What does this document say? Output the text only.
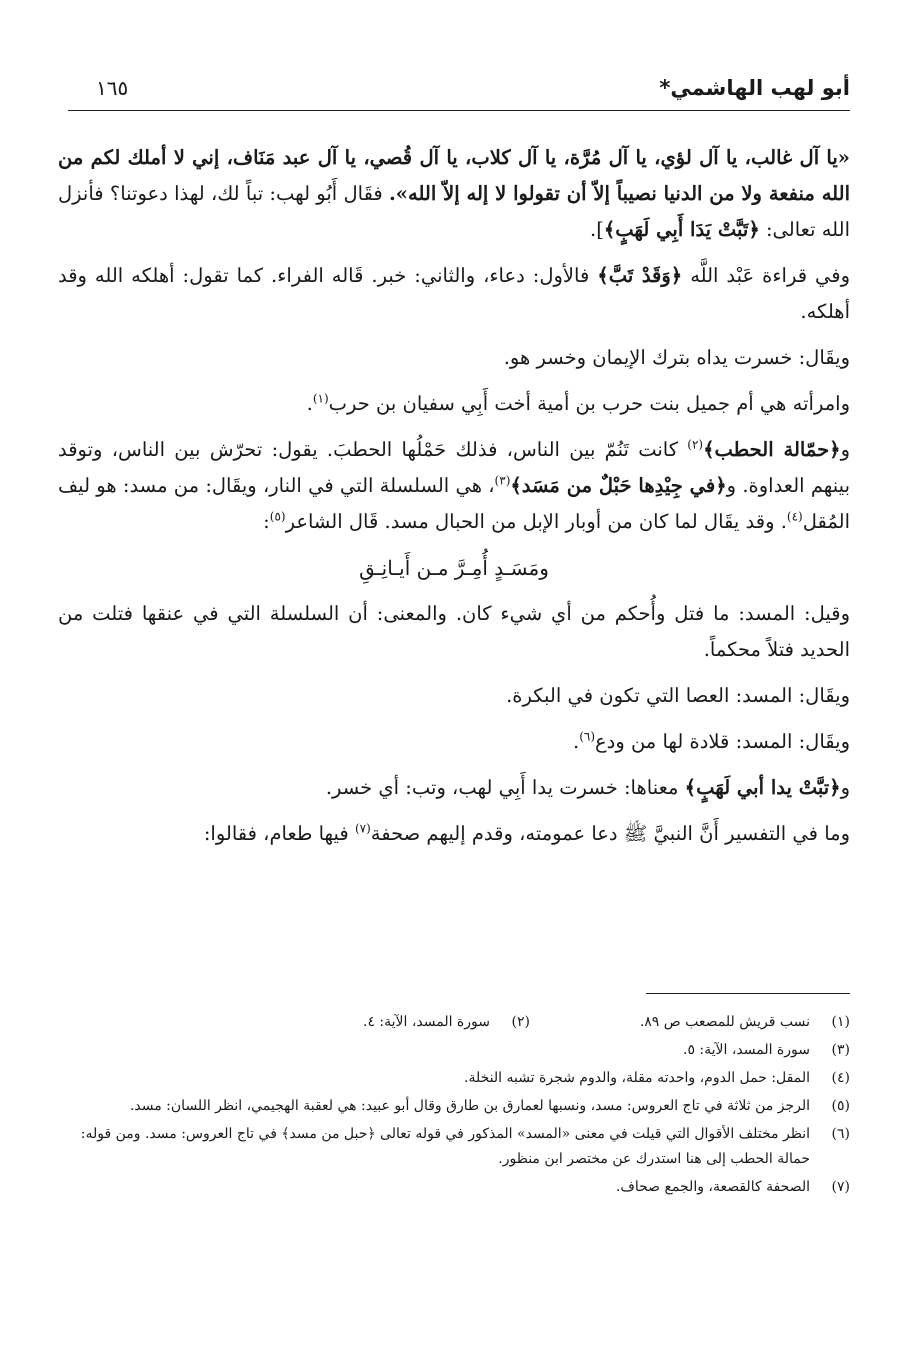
أبو لهب الهاشمي*
١٦٥

«يا آل غالب، يا آل لؤي، يا آل مُرَّة، يا آل كلاب، يا آل قُصي، يا آل عبد مَنَاف، إني لا أملك لكم من الله منفعة ولا من الدنيا نصيباً إلاّ أن تقولوا لا إله إلاّ الله». فقَال أَبُو لهب: تباً لك، لهذا دعوتنا؟ فأنزل الله تعالى: ﴿تَبَّتْ يَدَا أَبِي لَهَبٍ﴾].

وفي قراءة عَبْد اللَّه ﴿وَقَدْ تَبَّ﴾ فالأول: دعاء، والثاني: خبر. قَاله الفراء. كما تقول: أهلكه الله وقد أهلكه.

ويقَال: خسرت يداه بترك الإيمان وخسر هو.

وامرأته هي أم جميل بنت حرب بن أمية أخت أَبِي سفيان بن حرب$^{(١)}$.

و﴿حمّالة الحطب﴾$^{(٢)}$ كانت تَنُمّ بين الناس، فذلك حَمْلُها الحطبَ. يقول: تحرّش بين الناس، وتوقد بينهم العداوة. و﴿في جِيْدِها حَبْلٌ من مَسَد﴾$^{(٣)}$، هي السلسلة التي في النار، ويقَال: من مسد: هو ليف المُقل$^{(٤)}$. وقد يقَال لما كان من أوبار الإبل من الحبال مسد. قَال الشاعر$^{(٥)}$:

ومَسَـدٍ أُمِـرَّ مـن أَيـانِـقِ

وقيل: المسد: ما فتل وأُحكم من أي شيء كان. والمعنى: أن السلسلة التي في عنقها فتلت من الحديد فتلاً محكماً.

ويقَال: المسد: العصا التي تكون في البكرة.

ويقَال: المسد: قلادة لها من ودع$^{(٦)}$.

و﴿تبَّتْ يدا أبي لَهَبٍ﴾ معناها: خسرت يدا أَبِي لهب، وتب: أي خسر.

وما في التفسير أَنَّ النبيَّ ﷺ دعا عمومته، وقدم إليهم صحفة$^{(٧)}$ فيها طعام، فقالوا:

(١)
نسب قريش للمصعب ص ٨٩.
(٢)
سورة المسد، الآية: ٤.
(٣)
سورة المسد، الآية: ٥.
(٤)
المقل: حمل الدوم، واحدته مقلة، والدوم شجرة تشبه النخلة.
(٥)
الرجز من ثلاثة في تاج العروس: مسد، ونسبها لعمارق بن طارق وقال أبو عبيد: هي لعقبة الهجيمي، انظر اللسان: مسد.
(٦)
انظر مختلف الأقوال التي قيلت في معنى «المسد» المذكور في قوله تعالى ﴿حبل من مسد﴾ في تاج العروس: مسد. ومن قوله: حمالة الحطب إلى هنا استدرك عن مختصر ابن منظور.
(٧)
الصحفة كالقصعة، والجمع صحاف.
